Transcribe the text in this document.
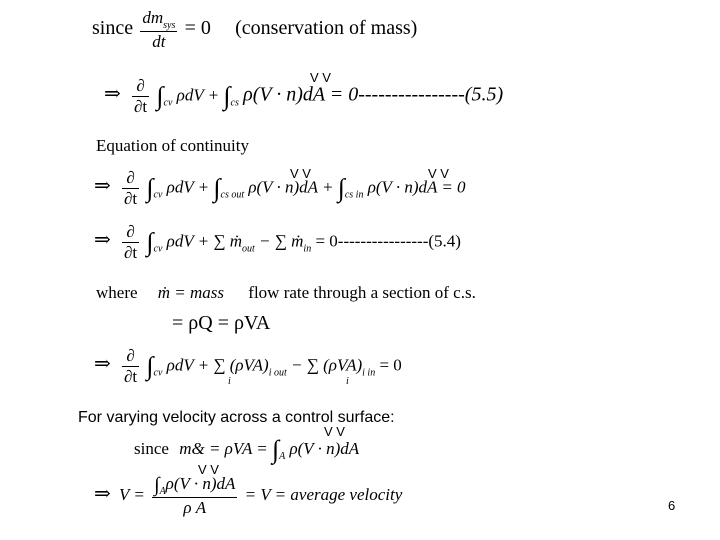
since $\frac{dm_{sys}}{dt} = 0$ (conservation of mass)
V V
⇒ $\frac{\partial}{\partial t} \int_{cv}$ $\rho dV + \int_{cs}$ ρ(V · n)dA = 0----------------(5.5)
Equation of continuity
V V	V V
⇒ $\frac{\partial}{\partial t} \int_{cv}$ $\rho dV + \int_{cs out}$ $\rho(V \cdot n)dA + \int_{cs in}$ ρ(V · n)dA = 0
⇒ $\frac{\partial}{\partial t} \int_{cv}$ ρdV + ∑ ṁ$_{out}$ − ∑ ṁ$_{in}$ = 0----------------(5.4)
where ṁ = mass flow rate through a section of c.s.
= ρQ = ρVA
⇒ $\frac{\partial}{\partial t} \int_{cv}$ ρdV + ∑ $(\rho VA)_{i out}$ − ∑ $(\rho VA)_{i in} = 0$
i	i
For varying velocity across a control surface:
V V
since m& = $\rho VA = \int_A$ ρ(V · n)dA
V V
⇒ $V = \frac{\int_A\rho(V \cdot n)dA}{\text{ρ A}} = V$ = average velocity
6
